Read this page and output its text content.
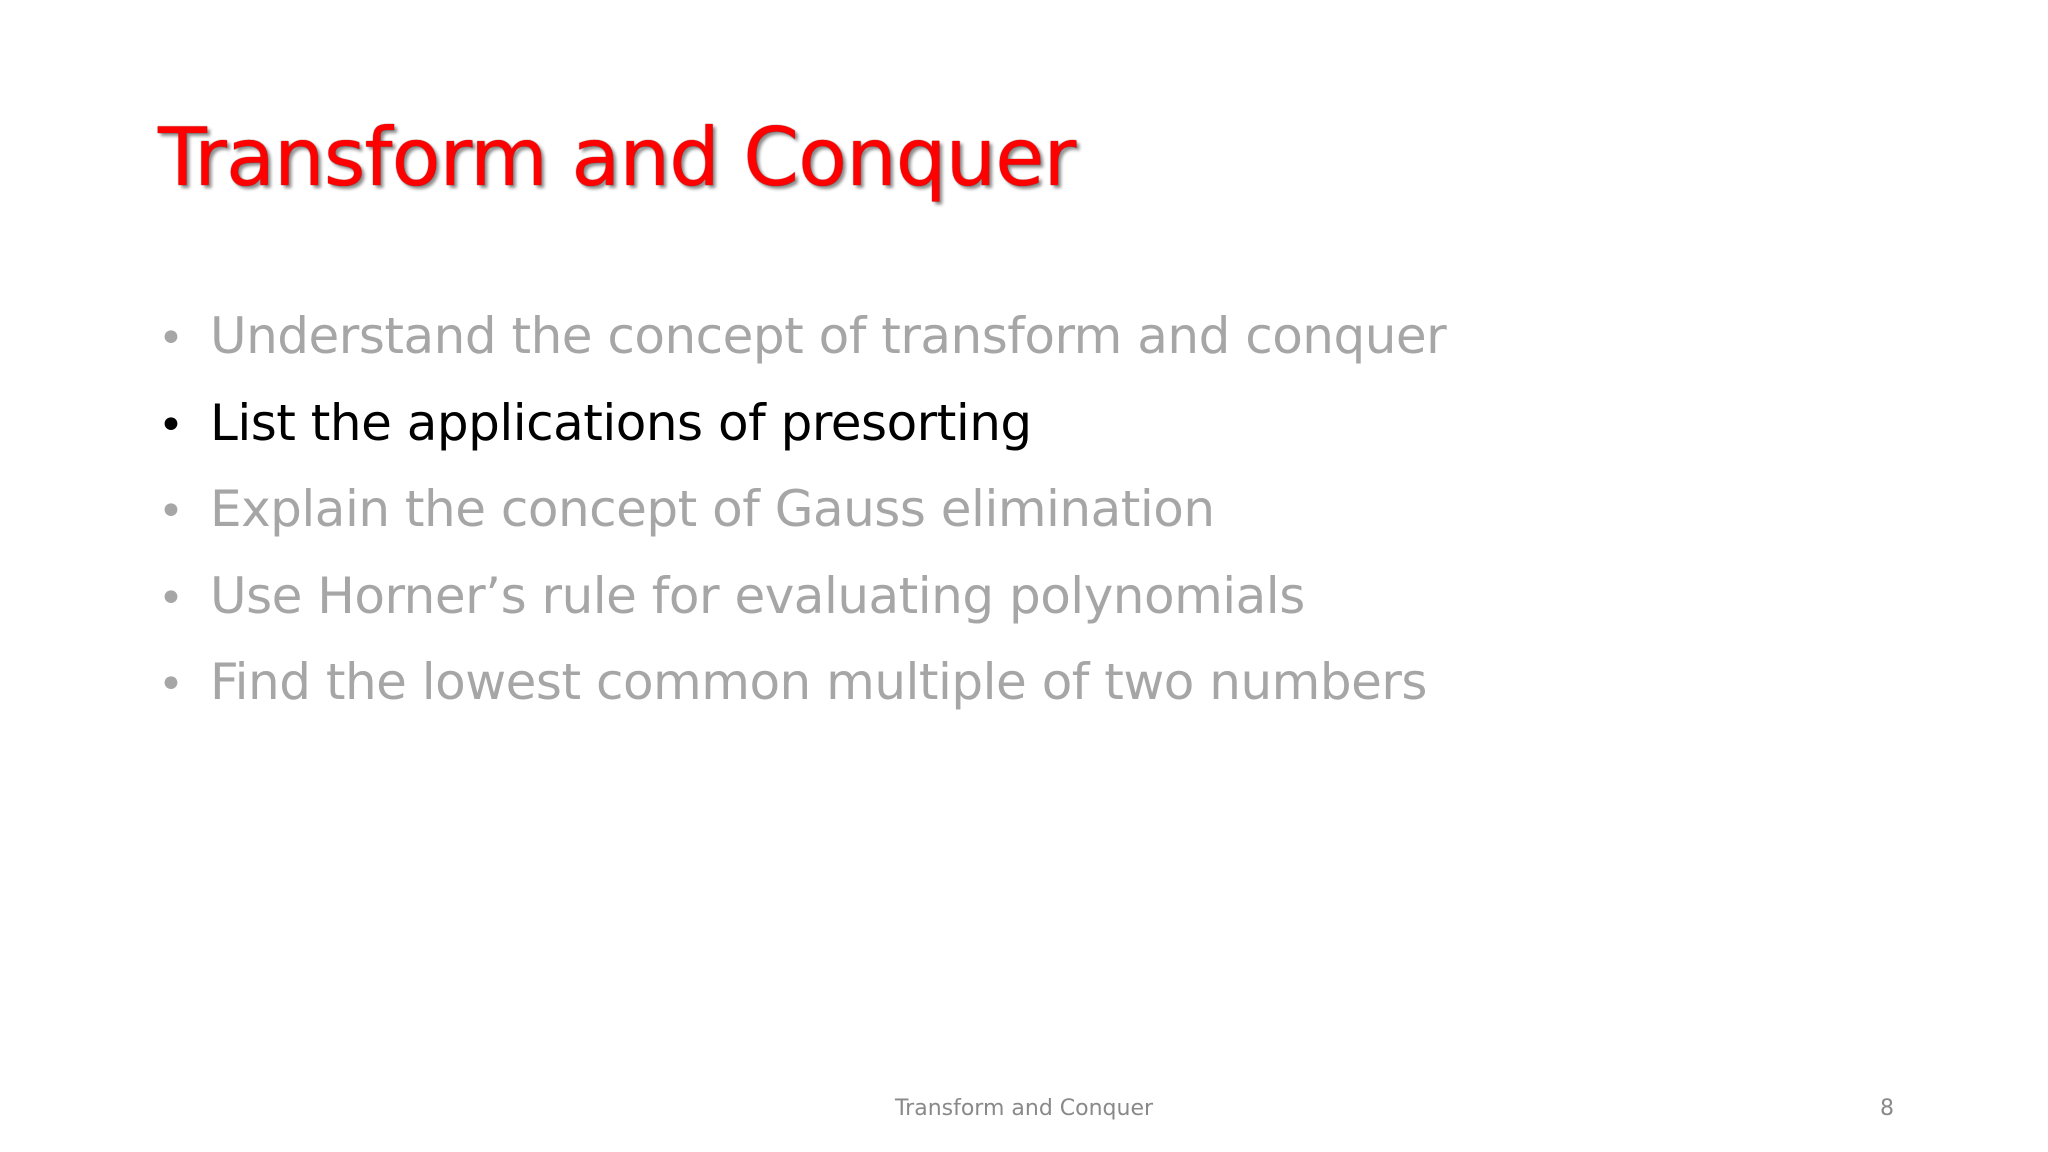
Transform and Conquer
• Understand the concept of transform and conquer
• List the applications of presorting
• Explain the concept of Gauss elimination
• Use Horner’s rule for evaluating polynomials
• Find the lowest common multiple of two numbers
Transform and Conquer	8
